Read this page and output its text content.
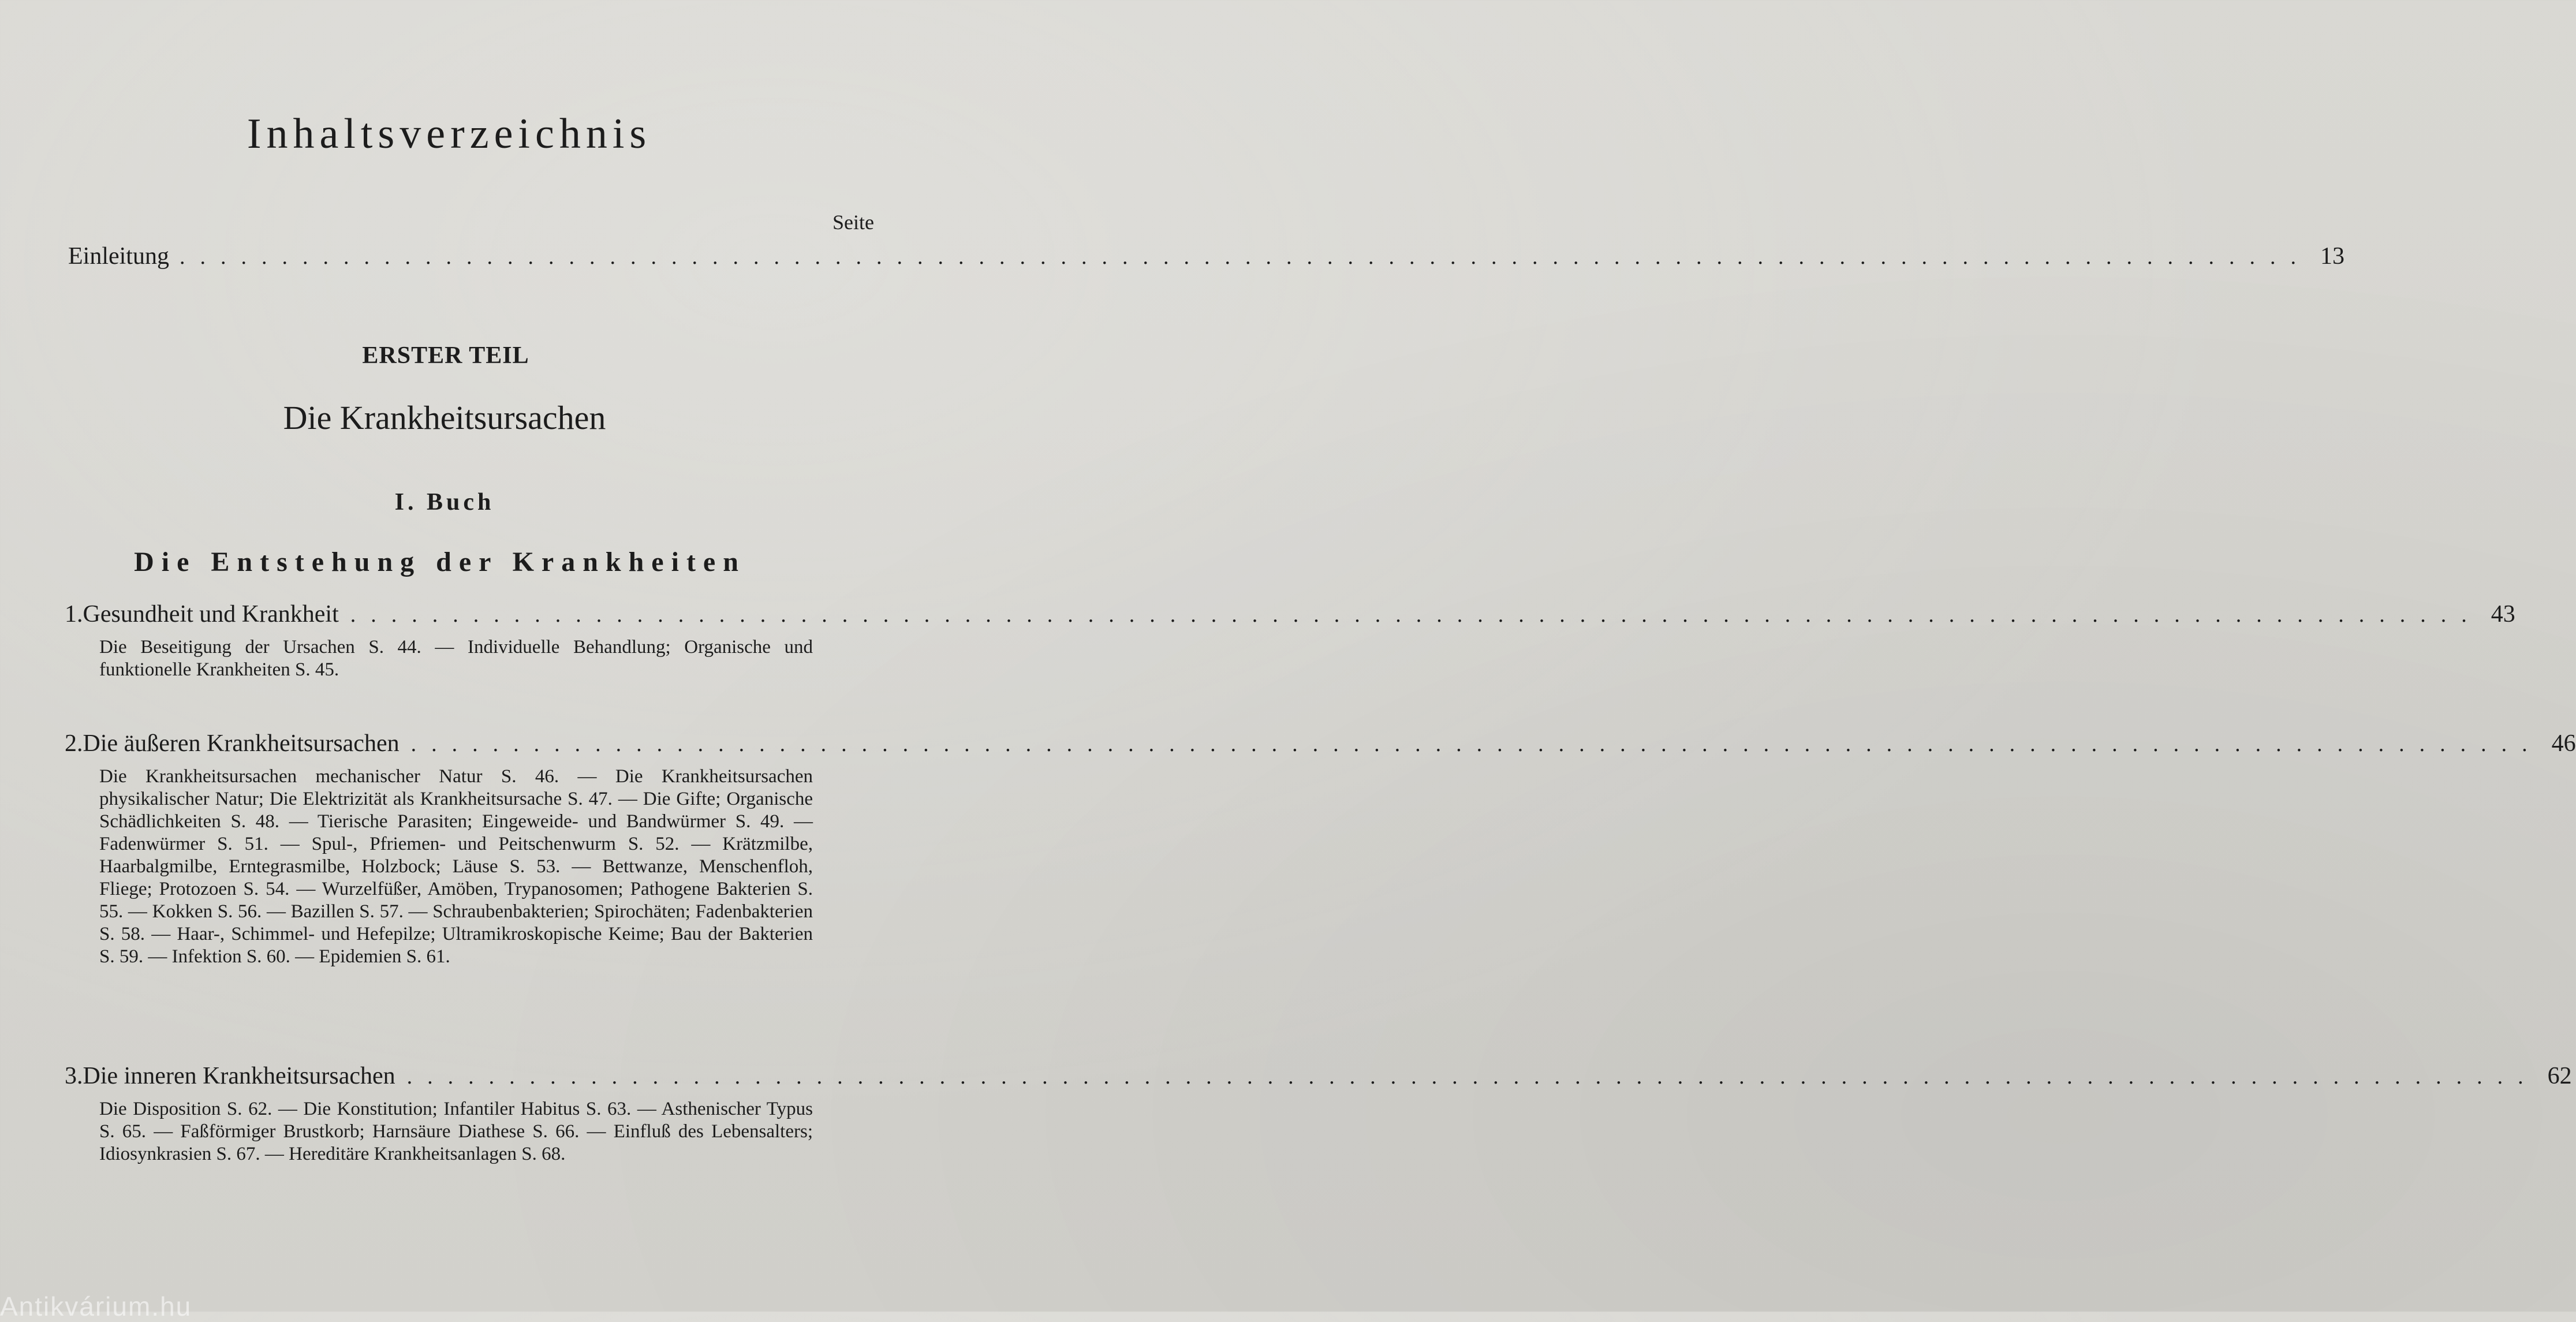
Inhaltsverzeichnis
Seite
Einleitung ........................................................................................................ 13
ERSTER TEIL
Die Krankheitsursachen
I. Buch
Die Entstehung der Krankheiten
1. Gesundheit und Krankheit ........................................................................................................ 43
Die Beseitigung der Ursachen S. 44. — Individuelle Behandlung; Organische und funktionelle Krankheiten S. 45.
2. Die äußeren Krankheitsursachen ........................................................................................................ 46
Die Krankheitsursachen mechanischer Natur S. 46. — Die Krankheitsursachen physikalischer Natur; Die Elektrizität als Krankheitsursache S. 47. — Die Gifte; Organische Schädlichkeiten S. 48. — Tierische Parasiten; Eingeweide- und Bandwürmer S. 49. — Fadenwürmer S. 51. — Spul-, Pfriemen- und Peitschenwurm S. 52. — Krätzmilbe, Haarbalgmilbe, Erntegrasmilbe, Holzbock; Läuse S. 53. — Bettwanze, Menschenfloh, Fliege; Protozoen S. 54. — Wurzelfüßer, Amöben, Trypanosomen; Pathogene Bakterien S. 55. — Kokken S. 56. — Bazillen S. 57. — Schraubenbakterien; Spirochäten; Fadenbakterien S. 58. — Haar-, Schimmel- und Hefepilze; Ultramikroskopische Keime; Bau der Bakterien S. 59. — Infektion S. 60. — Epidemien S. 61.
3. Die inneren Krankheitsursachen ........................................................................................................ 62
Die Disposition S. 62. — Die Konstitution; Infantiler Habitus S. 63. — Asthenischer Typus S. 65. — Faßförmiger Brustkorb; Harnsäure Diathese S. 66. — Einfluß des Lebensalters; Idiosynkrasien S. 67. — Hereditäre Krankheitsanlagen S. 68.
Antikvárium.hu
